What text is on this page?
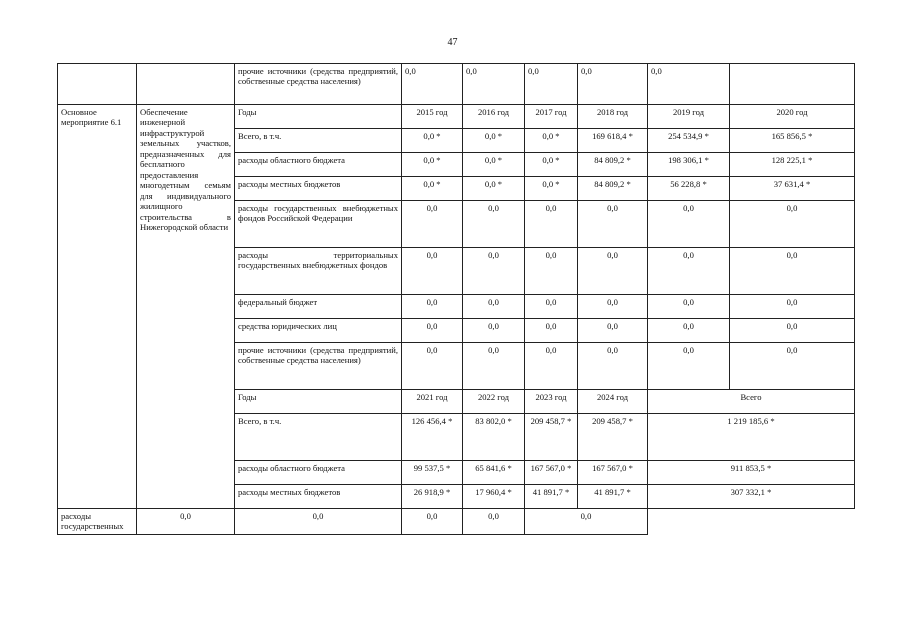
47
		прочие источники (средства предприятий, собственные средства населения)	0,0	0,0	0,0	0,0	0,0	
Основное мероприятие 6.1	Обеспечение инженерной инфраструктурой земельных участков, предназначенных для бесплатного предоставления многодетным семьям для индивидуального жилищного строительства в Нижегородской области	Годы	2015 год	2016 год	2017 год	2018 год	2019 год	2020 год
		Всего, в т.ч.	0,0 *	0,0 *	0,0 *	169 618,4 *	254 534,9 *	165 856,5 *
		расходы областного бюджета	0,0 *	0,0 *	0,0 *	84 809,2 *	198 306,1 *	128 225,1 *
		расходы местных бюджетов	0,0 *	0,0 *	0,0 *	84 809,2 *	56 228,8 *	37 631,4 *
		расходы государственных внебюджетных фондов Российской Федерации	0,0	0,0	0,0	0,0	0,0	0,0
		расходы территориальных государственных внебюджетных фондов	0,0	0,0	0,0	0,0	0,0	0,0
		федеральный бюджет	0,0	0,0	0,0	0,0	0,0	0,0
		средства юридических лиц	0,0	0,0	0,0	0,0	0,0	0,0
		прочие источники (средства предприятий, собственные средства населения)	0,0	0,0	0,0	0,0	0,0	0,0
		Годы	2021 год	2022 год	2023 год	2024 год	Всего	
		Всего, в т.ч.	126 456,4 *	83 802,0 *	209 458,7 *	209 458,7 *	1 219 185,6 *	
		расходы областного бюджета	99 537,5 *	65 841,6 *	167 567,0 *	167 567,0 *	911 853,5 *	
		расходы местных бюджетов	26 918,9 *	17 960,4 *	41 891,7 *	41 891,7 *	307 332,1 *	
расходы государственных	0,0	0,0	0,0	0,0	0,0			
